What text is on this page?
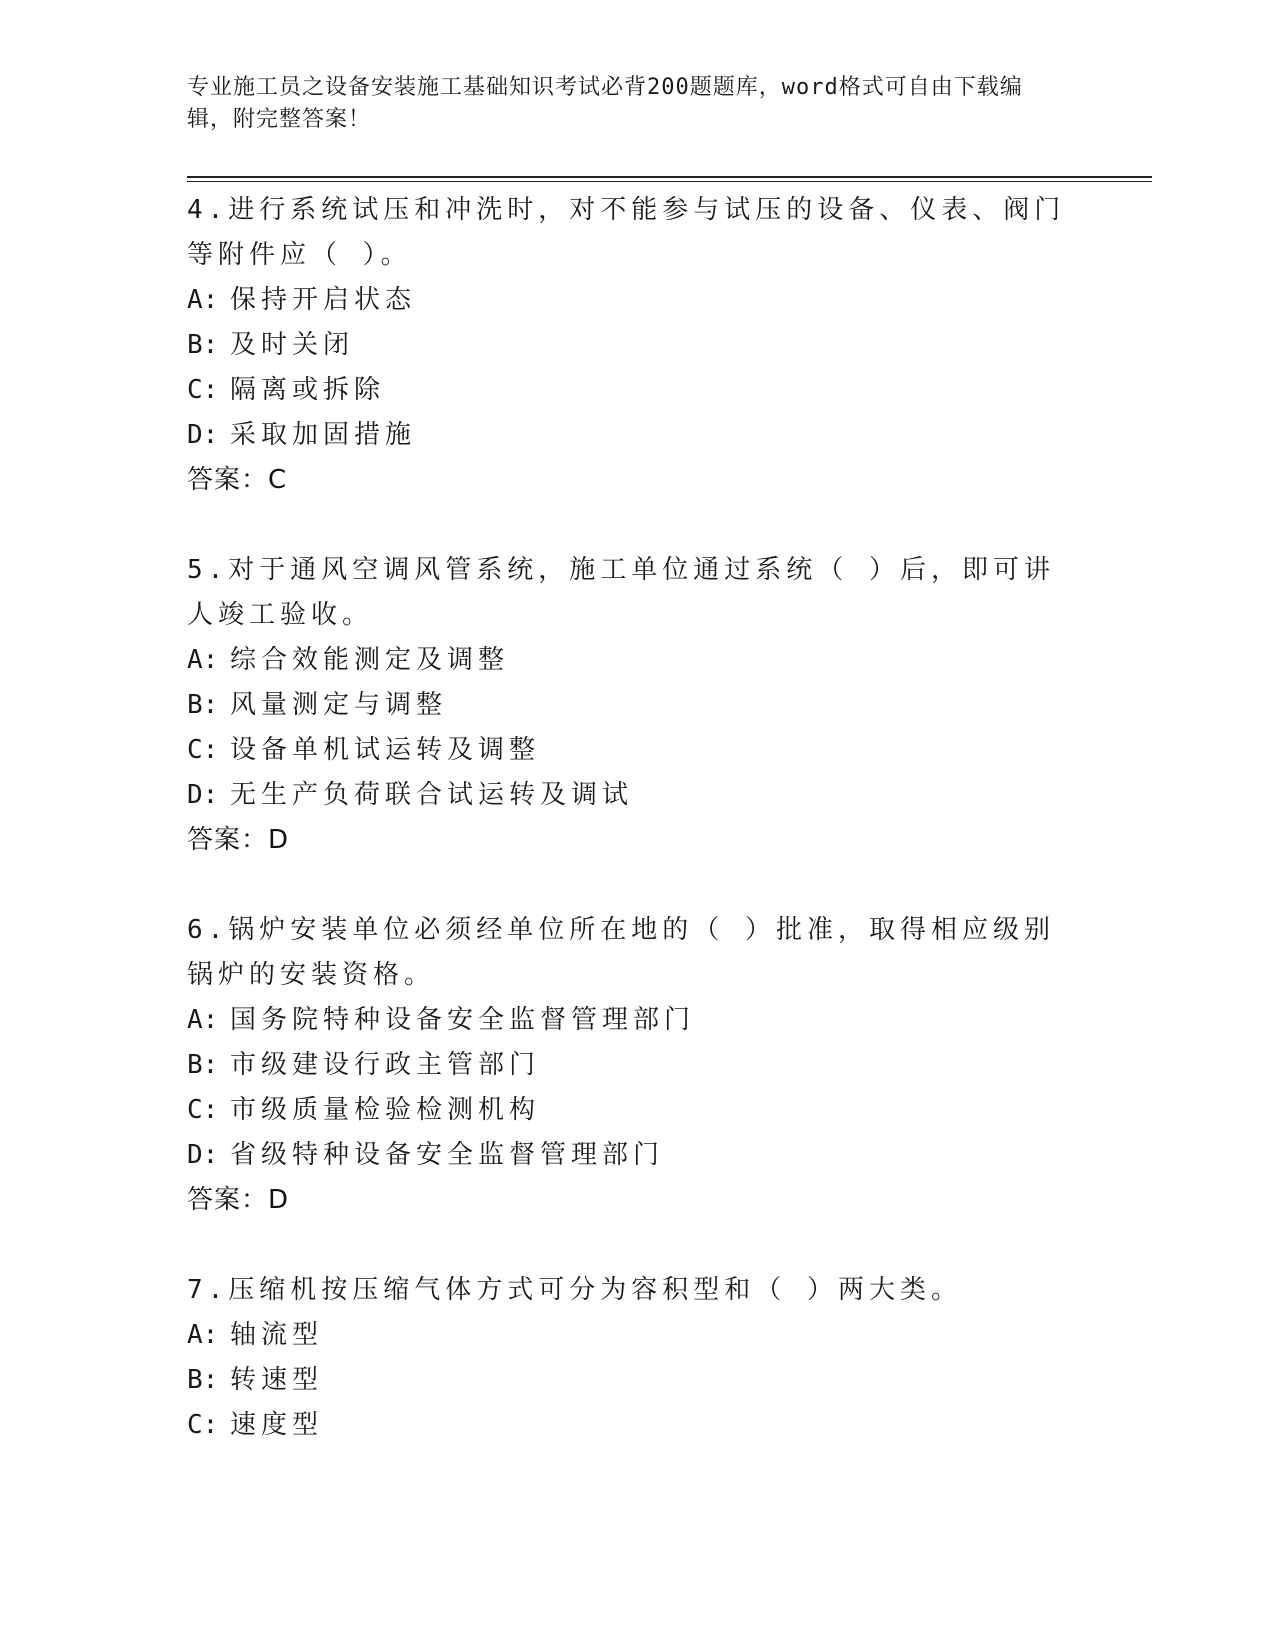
专业施工员之设备安装施工基础知识考试必背200题题库，word格式可自由下载编辑，附完整答案！

4.进行系统试压和冲洗时，对不能参与试压的设备、仪表、阀门等附件应（ ）。

A: 保持开启状态
B: 及时关闭
C: 隔离或拆除
D: 采取加固措施
答案：C

5.对于通风空调风管系统，施工单位通过系统（ ）后，即可讲人竣工验收。

A: 综合效能测定及调整
B: 风量测定与调整
C: 设备单机试运转及调整
D: 无生产负荷联合试运转及调试
答案：D

6.锅炉安装单位必须经单位所在地的（ ）批准，取得相应级别锅炉的安装资格。

A: 国务院特种设备安全监督管理部门
B: 市级建设行政主管部门
C: 市级质量检验检测机构
D: 省级特种设备安全监督管理部门
答案：D

7.压缩机按压缩气体方式可分为容积型和（ ）两大类。

A: 轴流型
B: 转速型
C: 速度型
